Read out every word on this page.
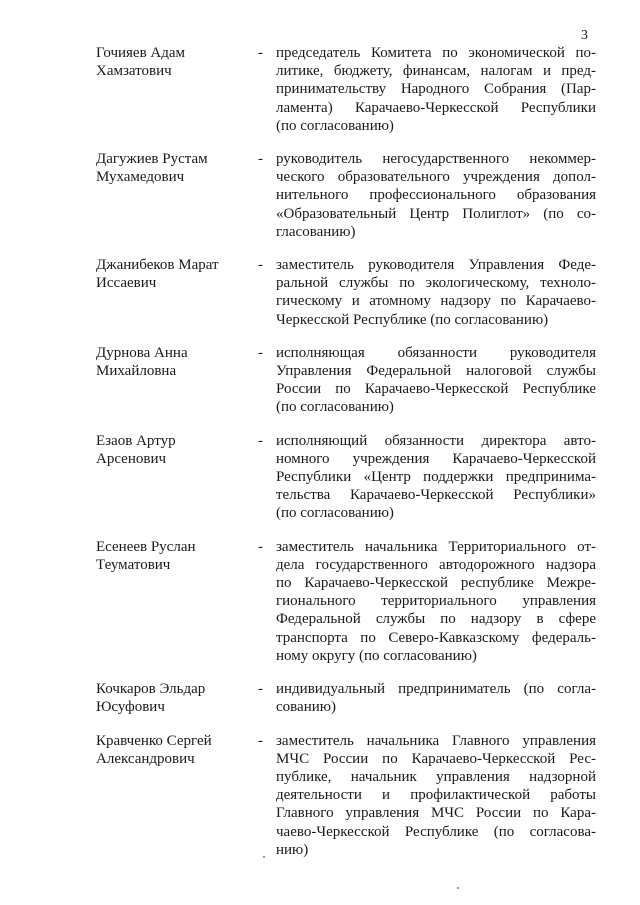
3
Гочияев Адам
Хамзатович
- председатель Комитета по экономической по-
литике, бюджету, финансам, налогам и пред-
принимательству Народного Собрания (Пар-
ламента) Карачаево-Черкесской Республики
(по согласованию)
Дагужиев Рустам
Мухамедович
- руководитель негосударственного некоммер-
ческого образовательного учреждения допол-
нительного профессионального образования
«Образовательный Центр Полиглот» (по со-
гласованию)
Джанибеков Марат
Иссаевич
- заместитель руководителя Управления Феде-
ральной службы по экологическому, техноло-
гическому и атомному надзору по Карачаево-
Черкесской Республике (по согласованию)
Дурнова Анна
Михайловна
- исполняющая обязанности руководителя
Управления Федеральной налоговой службы
России по Карачаево-Черкесской Республике
(по согласованию)
Езаов Артур
Арсенович
- исполняющий обязанности директора авто-
номного учреждения Карачаево-Черкесской
Республики «Центр поддержки предпринима-
тельства Карачаево-Черкесской Республики»
(по согласованию)
Есенеев Руслан
Теуматович
- заместитель начальника Территориального от-
дела государственного автодорожного надзора
по Карачаево-Черкесской республике Межре-
гионального территориального управления
Федеральной службы по надзору в сфере
транспорта по Северо-Кавказскому федераль-
ному округу (по согласованию)
Кочкаров Эльдар
Юсуфович
- индивидуальный предприниматель (по согла-
сованию)
Кравченко Сергей
Александрович
- заместитель начальника Главного управления
МЧС России по Карачаево-Черкесской Рес-
публике, начальник управления надзорной
деятельности и профилактической работы
Главного управления МЧС России по Кара-
чаево-Черкесской Республике (по согласова-
нию)
